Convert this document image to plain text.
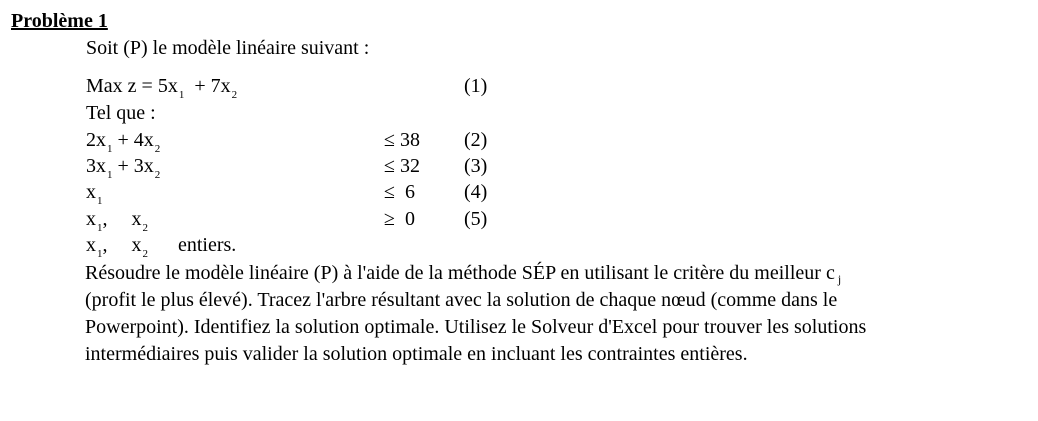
Problème 1
Soit (P) le modèle linéaire suivant :
Max $z = 5x_1 + 7x_2$	(1)
Tel que :
$2x_1 + 4x_2$	≤ 38 (2)
$3x_1 + 3x_2$	≤ 32 (3)
$x_1$	≤  6 (4)
$x_1$, $x_2$	≥  0 (5)
$x_1$, $x_2$ entiers.
Résoudre le modèle linéaire (P) à l'aide de la méthode SÉP en utilisant le critère du meilleur c $_j$
(profit le plus élevé). Tracez l'arbre résultant avec la solution de chaque nœud (comme dans le
Powerpoint). Identifiez la solution optimale. Utilisez le Solveur d'Excel pour trouver les solutions
intermédiaires puis valider la solution optimale en incluant les contraintes entières.
